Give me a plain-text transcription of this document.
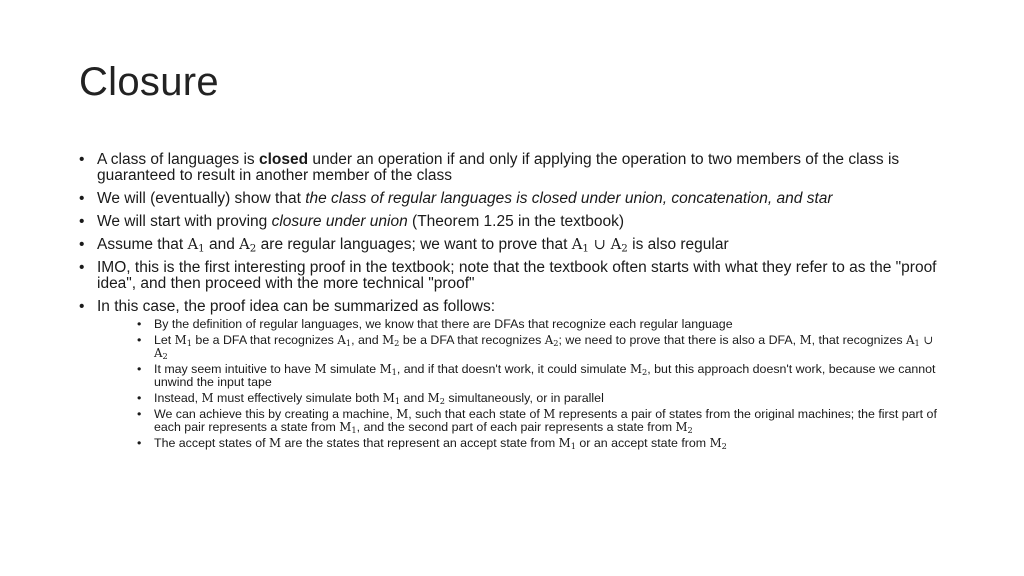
Closure
• A class of languages is closed under an operation if and only if applying the operation to two members of the class is guaranteed to result in another member of the class
• We will (eventually) show that the class of regular languages is closed under union, concatenation, and star
• We will start with proving closure under union (Theorem 1.25 in the textbook)
• Assume that $A_1$ and $A_2$ are regular languages; we want to prove that $A_1$ ∪ $A_2$ is also regular
• IMO, this is the first interesting proof in the textbook; note that the textbook often starts with what they refer to as the "proof idea", and then proceed with the more technical "proof"
• In this case, the proof idea can be summarized as follows:
• By the definition of regular languages, we know that there are DFAs that recognize each regular language
• Let $M_1$ be a DFA that recognizes $A_1$, and $M_2$ be a DFA that recognizes $A_2$; we need to prove that there is also a DFA, M, that recognizes $A_1$ ∪ $A_2$
• It may seem intuitive to have M simulate $M_1$, and if that doesn't work, it could simulate $M_2$, but this approach doesn't work, because we cannot unwind the input tape
• Instead, M must effectively simulate both $M_1$ and $M_2$ simultaneously, or in parallel
• We can achieve this by creating a machine, M, such that each state of M represents a pair of states from the original machines; the first part of each pair represents a state from $M_1$, and the second part of each pair represents a state from $M_2$
• The accept states of M are the states that represent an accept state from $M_1$ or an accept state from $M_2$
